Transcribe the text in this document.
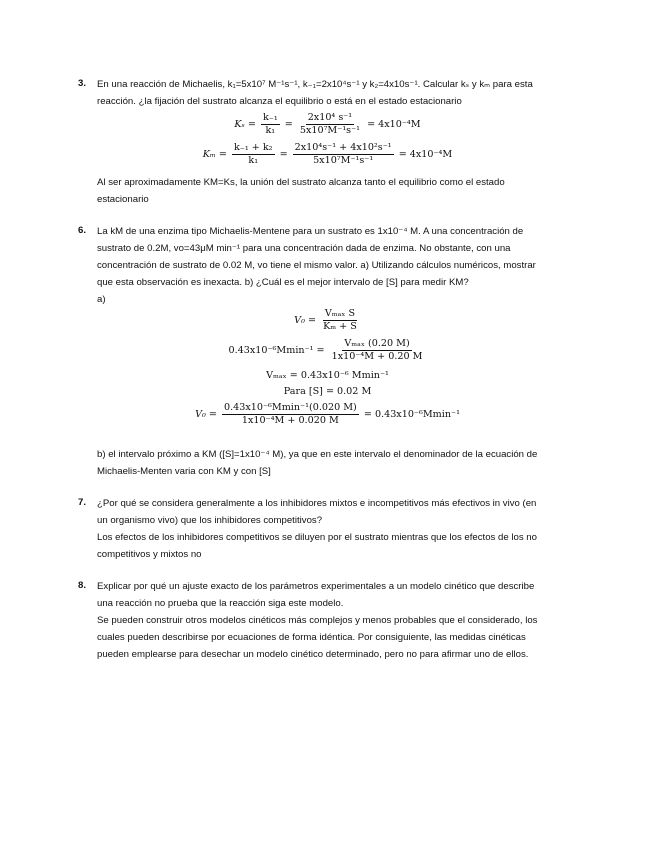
3. En una reacción de Michaelis, k₁=5x10⁷ M⁻¹s⁻¹, k₋₁=2x10⁴s⁻¹ y k₂=4x10s⁻¹. Calcular kₛ y kₘ para esta
reacción. ¿la fijación del sustrato alcanza el equilibrio o está en el estado estacionario
$K_s = \frac{\text{k₋₁}}{\text{k₁}} = \frac{\text{2x10⁴ s⁻¹}}{\text{5x10⁷M⁻¹s⁻¹}} = 4x10^{-4}M$
$K_m = \frac{\text{k₋₁ + k₂}}{\text{k₁}} = \frac{\text{2x10⁴s⁻¹ + 4x10²s⁻¹}}{\text{5x10⁷M⁻¹s⁻¹}} = 4x10^{-4}M$
Al ser aproximadamente KM=Ks, la unión del sustrato alcanza tanto el equilibrio como el estado
estacionario
6. La kM de una enzima tipo Michaelis-Mentene para un sustrato es 1x10⁻⁴ M. A una concentración de
sustrato de 0.2M, vo=43μM min⁻¹ para una concentración dada de enzima. No obstante, con una
concentración de sustrato de 0.02 M, vo tiene el mismo valor. a) Utilizando cálculos numéricos, mostrar
que esta observación es inexacta. b) ¿Cuál es el mejor intervalo de [S] para medir KM?
a)
$V_0 = \frac{\text{Vₘₐₓ S}}{\text{Kₘ + S}}$
$0.43x10^{-6}Mmin^{-1} = \frac{\text{Vₘₐₓ (0.20 M)}}{\text{1x10⁻⁴M + 0.20 M}}$
Vₘₐₓ = 0.43x10⁻⁶ Mmin⁻¹
Para [S] = 0.02 M
$V_0 = \frac{\text{0.43x10⁻⁶Mmin⁻¹(0.020 M)}}{\text{1x10⁻⁴M + 0.020 M}} = 0.43x10^{-6}Mmin^{-1}$
b) el intervalo próximo a KM ([S]=1x10⁻⁴ M), ya que en este intervalo el denominador de la ecuación de
Michaelis-Menten varia con KM y con [S]
7. ¿Por qué se considera generalmente a los inhibidores mixtos e incompetitivos más efectivos in vivo (en
un organismo vivo) que los inhibidores competitivos?
Los efectos de los inhibidores competitivos se diluyen por el sustrato mientras que los efectos de los no
competitivos y mixtos no
8. Explicar por qué un ajuste exacto de los parámetros experimentales a un modelo cinético que describe
una reacción no prueba que la reacción siga este modelo.
Se pueden construir otros modelos cinéticos más complejos y menos probables que el considerado, los
cuales pueden describirse por ecuaciones de forma idéntica. Por consiguiente, las medidas cinéticas
pueden emplearse para desechar un modelo cinético determinado, pero no para afirmar uno de ellos.
